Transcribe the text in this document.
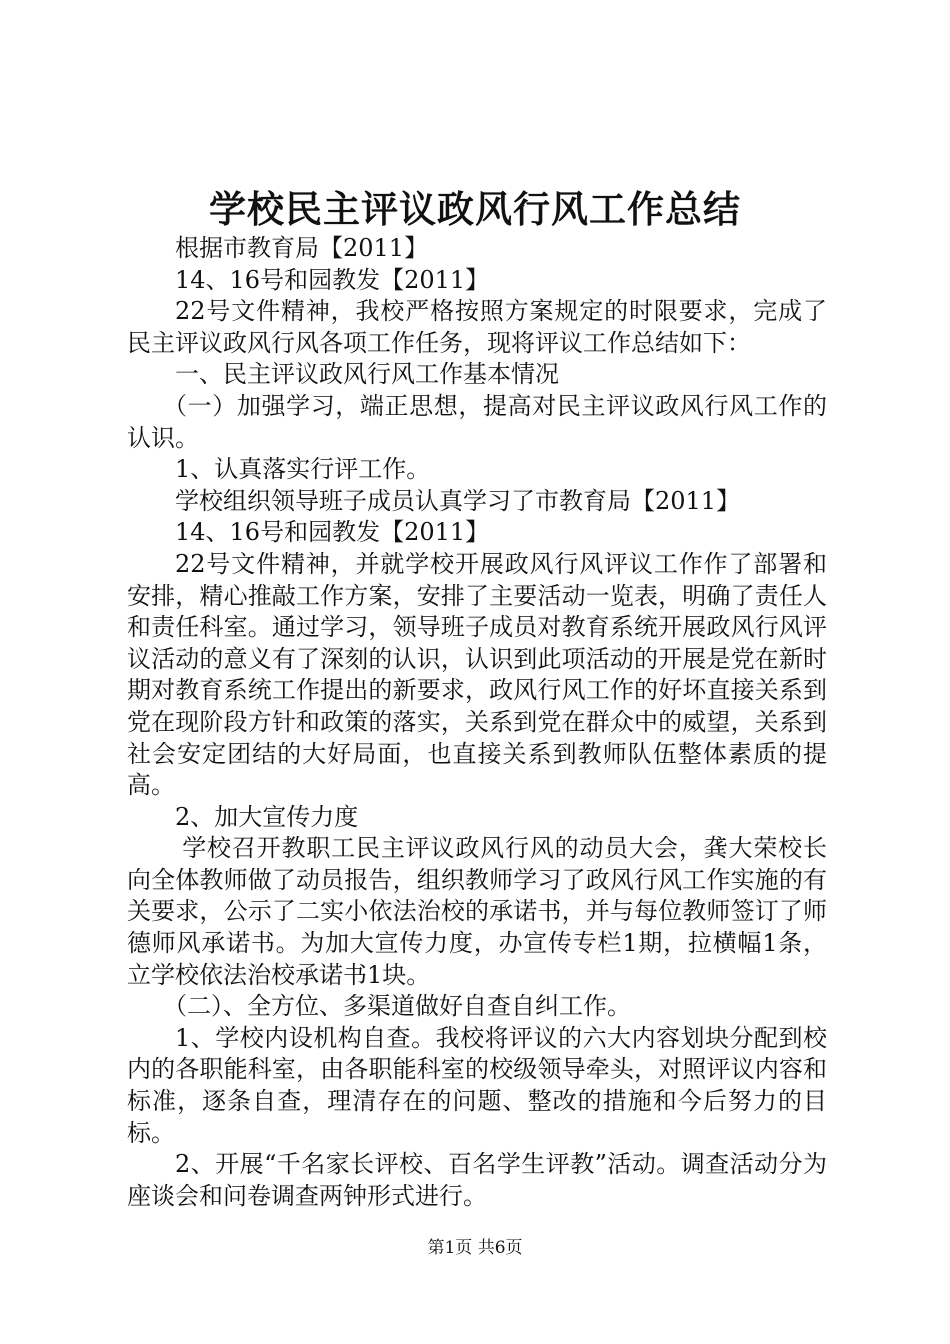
学校民主评议政风行风工作总结

根据市教育局【2011】

14、16号和园教发【2011】

22号文件精神，我校严格按照方案规定的时限要求，完成了民主评议政风行风各项工作任务，现将评议工作总结如下：

一、民主评议政风行风工作基本情况

（一）加强学习，端正思想，提高对民主评议政风行风工作的认识。

1、认真落实行评工作。

学校组织领导班子成员认真学习了市教育局【2011】

14、16号和园教发【2011】

22号文件精神，并就学校开展政风行风评议工作作了部署和安排，精心推敲工作方案，安排了主要活动一览表，明确了责任人和责任科室。通过学习，领导班子成员对教育系统开展政风行风评议活动的意义有了深刻的认识，认识到此项活动的开展是党在新时期对教育系统工作提出的新要求，政风行风工作的好坏直接关系到党在现阶段方针和政策的落实，关系到党在群众中的威望，关系到社会安定团结的大好局面，也直接关系到教师队伍整体素质的提高。

2、加大宣传力度

学校召开教职工民主评议政风行风的动员大会，龚大荣校长向全体教师做了动员报告，组织教师学习了政风行风工作实施的有关要求，公示了二实小依法治校的承诺书，并与每位教师签订了师德师风承诺书。为加大宣传力度，办宣传专栏1期，拉横幅1条，立学校依法治校承诺书1块。

（二）、全方位、多渠道做好自查自纠工作。

1、学校内设机构自查。我校将评议的六大内容划块分配到校内的各职能科室，由各职能科室的校级领导牵头，对照评议内容和标准，逐条自查，理清存在的问题、整改的措施和今后努力的目标。

2、开展“千名家长评校、百名学生评教”活动。调查活动分为座谈会和问卷调查两钟形式进行。

第1页 共6页
